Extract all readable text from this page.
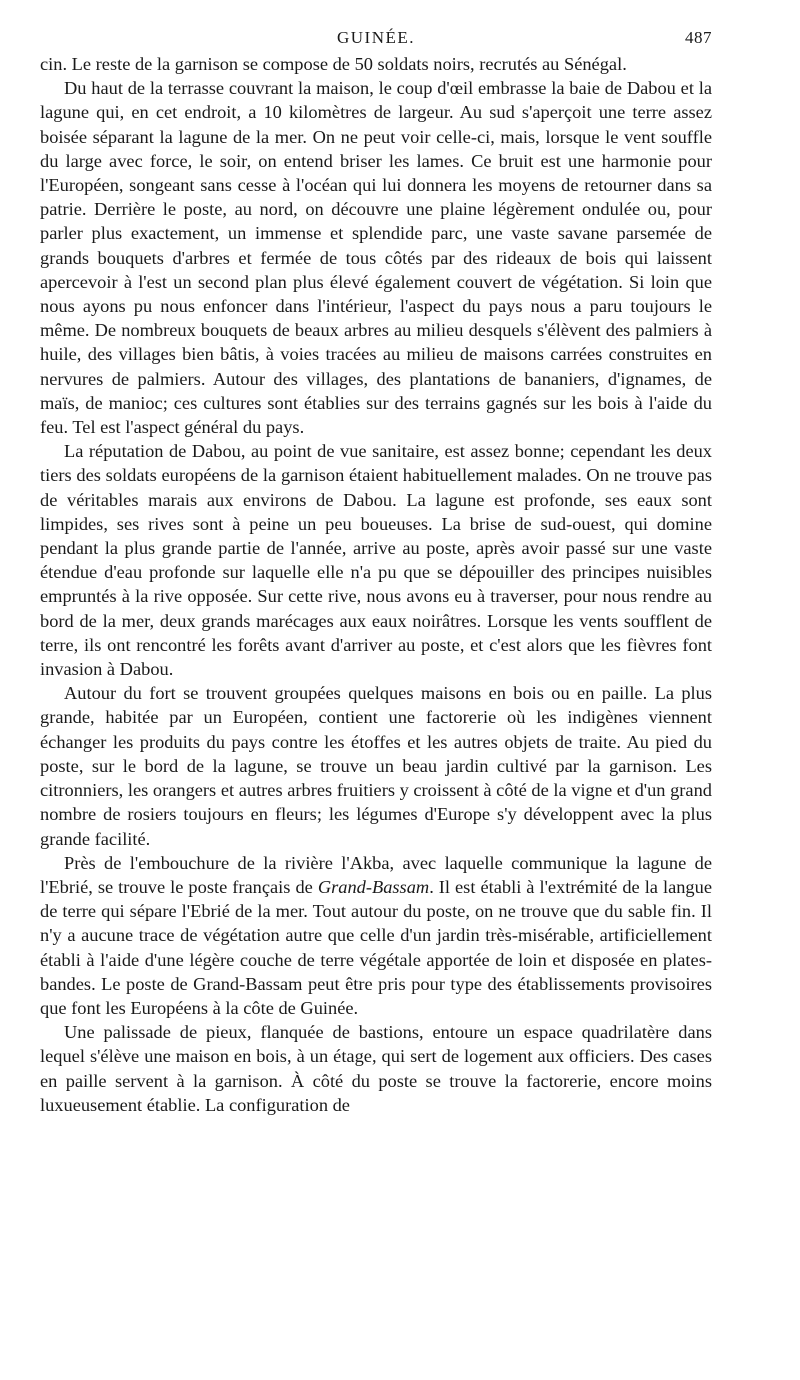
GUINÉE.	487

cin. Le reste de la garnison se compose de 50 soldats noirs, recrutés au Sénégal.

Du haut de la terrasse couvrant la maison, le coup d'œil embrasse la baie de Dabou et la lagune qui, en cet endroit, a 10 kilomètres de largeur. Au sud s'aperçoit une terre assez boisée séparant la lagune de la mer. On ne peut voir celle-ci, mais, lorsque le vent souffle du large avec force, le soir, on entend briser les lames. Ce bruit est une harmonie pour l'Européen, songeant sans cesse à l'océan qui lui donnera les moyens de retourner dans sa patrie. Derrière le poste, au nord, on découvre une plaine légèrement ondulée ou, pour parler plus exactement, un immense et splendide parc, une vaste savane parsemée de grands bouquets d'arbres et fermée de tous côtés par des rideaux de bois qui laissent apercevoir à l'est un second plan plus élevé également couvert de végétation. Si loin que nous ayons pu nous enfoncer dans l'intérieur, l'aspect du pays nous a paru toujours le même. De nombreux bouquets de beaux arbres au milieu desquels s'élèvent des palmiers à huile, des villages bien bâtis, à voies tracées au milieu de maisons carrées construites en nervures de palmiers. Autour des villages, des plantations de bananiers, d'ignames, de maïs, de manioc; ces cultures sont établies sur des terrains gagnés sur les bois à l'aide du feu. Tel est l'aspect général du pays.

La réputation de Dabou, au point de vue sanitaire, est assez bonne; cependant les deux tiers des soldats européens de la garnison étaient habituellement malades. On ne trouve pas de véritables marais aux environs de Dabou. La lagune est profonde, ses eaux sont limpides, ses rives sont à peine un peu boueuses. La brise de sud-ouest, qui domine pendant la plus grande partie de l'année, arrive au poste, après avoir passé sur une vaste étendue d'eau profonde sur laquelle elle n'a pu que se dépouiller des principes nuisibles empruntés à la rive opposée. Sur cette rive, nous avons eu à traverser, pour nous rendre au bord de la mer, deux grands marécages aux eaux noirâtres. Lorsque les vents soufflent de terre, ils ont rencontré les forêts avant d'arriver au poste, et c'est alors que les fièvres font invasion à Dabou.

Autour du fort se trouvent groupées quelques maisons en bois ou en paille. La plus grande, habitée par un Européen, contient une factorerie où les indigènes viennent échanger les produits du pays contre les étoffes et les autres objets de traite. Au pied du poste, sur le bord de la lagune, se trouve un beau jardin cultivé par la garnison. Les citronniers, les orangers et autres arbres fruitiers y croissent à côté de la vigne et d'un grand nombre de rosiers toujours en fleurs; les légumes d'Europe s'y développent avec la plus grande facilité.

Près de l'embouchure de la rivière l'Akba, avec laquelle communique la lagune de l'Ebrié, se trouve le poste français de Grand-Bassam. Il est établi à l'extrémité de la langue de terre qui sépare l'Ebrié de la mer. Tout autour du poste, on ne trouve que du sable fin. Il n'y a aucune trace de végétation autre que celle d'un jardin très-misérable, artificiellement établi à l'aide d'une légère couche de terre végétale apportée de loin et disposée en plates-bandes. Le poste de Grand-Bassam peut être pris pour type des établissements provisoires que font les Européens à la côte de Guinée.

Une palissade de pieux, flanquée de bastions, entoure un espace quadrilatère dans lequel s'élève une maison en bois, à un étage, qui sert de logement aux officiers. Des cases en paille servent à la garnison. À côté du poste se trouve la factorerie, encore moins luxueusement établie. La configuration de
